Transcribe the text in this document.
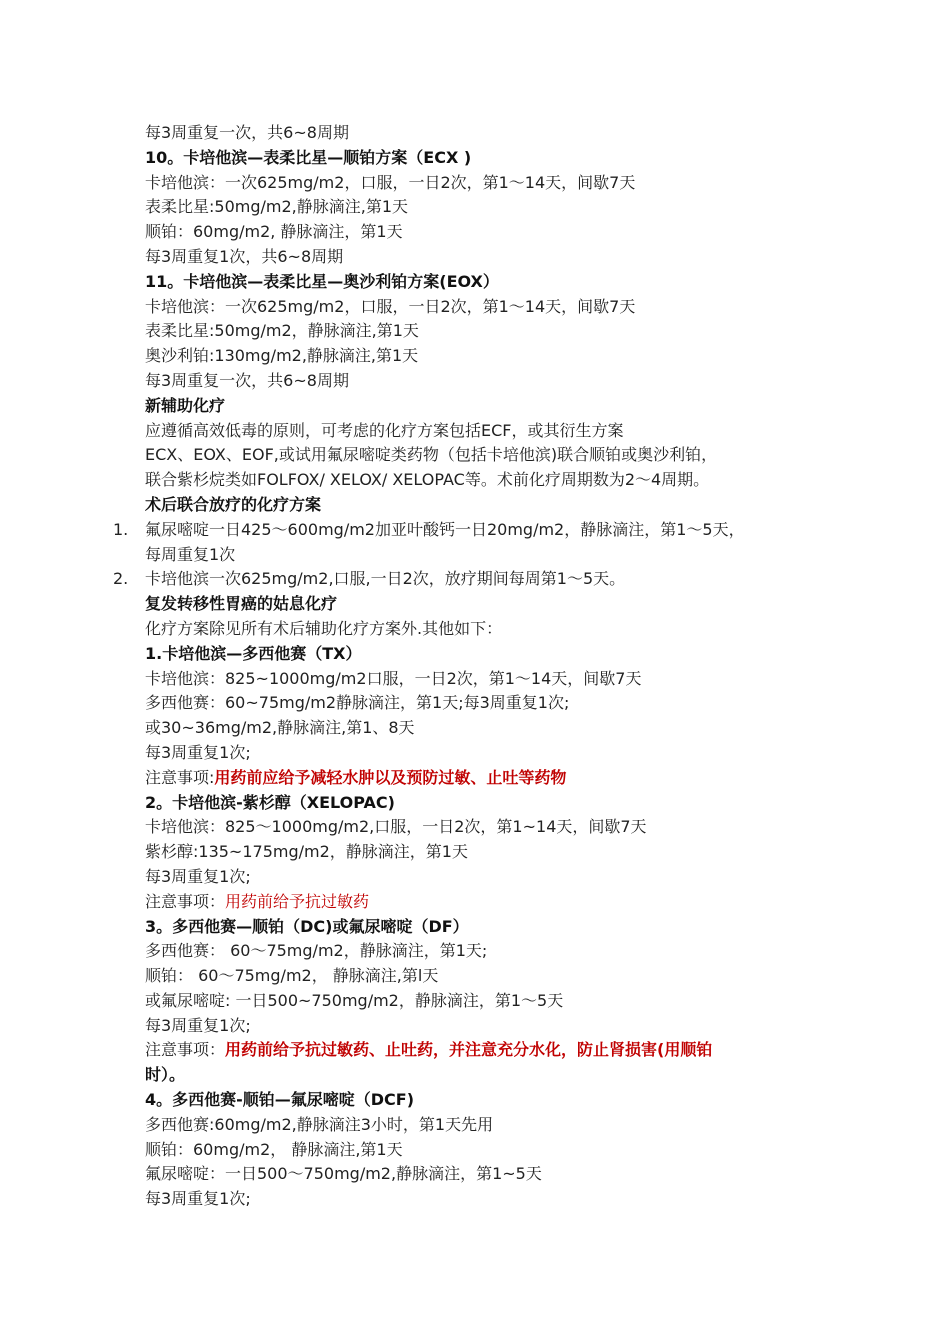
每3周重复一次，共6~8周期
10。卡培他滨—表柔比星—顺铂方案（ECX )
卡培他滨：一次625mg/m2，口服，一日2次，第1～14天，间歇7天
表柔比星:50mg/m2,静脉滴注,第1天
顺铂：60mg/m2, 静脉滴注，第1天
每3周重复1次，共6~8周期
11。卡培他滨—表柔比星—奥沙利铂方案(EOX）
卡培他滨：一次625mg/m2，口服，一日2次，第1～14天，间歇7天
表柔比星:50mg/m2，静脉滴注,第1天
奥沙利铂:130mg/m2,静脉滴注,第1天
每3周重复一次，共6~8周期
新辅助化疗
应遵循高效低毒的原则，可考虑的化疗方案包括ECF，或其衍生方案
ECX、EOX、EOF,或试用氟尿嘧啶类药物（包括卡培他滨)联合顺铂或奥沙利铂，
联合紫杉烷类如FOLFOX/ XELOX/ XELOPAC等。术前化疗周期数为2～4周期。
术后联合放疗的化疗方案
1. 氟尿嘧啶一日425～600mg/m2加亚叶酸钙一日20mg/m2，静脉滴注，第1～5天，
每周重复1次
2. 卡培他滨一次625mg/m2,口服,一日2次，放疗期间每周第1～5天。
复发转移性胃癌的姑息化疗
化疗方案除见所有术后辅助化疗方案外.其他如下：
1.卡培他滨—多西他赛（TX）
卡培他滨：825~1000mg/m2口服，一日2次，第1～14天，间歇7天
多西他赛：60~75mg/m2静脉滴注，第1天;每3周重复1次;
或30~36mg/m2,静脉滴注,第1、8天
每3周重复1次;
注意事项:用药前应给予减轻水肿以及预防过敏、止吐等药物
2。卡培他滨-紫杉醇（XELOPAC)
卡培他滨：825～1000mg/m2,口服，一日2次，第1~14天，间歇7天
紫杉醇:135~175mg/m2，静脉滴注，第1天
每3周重复1次;
注意事项：用药前给予抗过敏药
3。多西他赛—顺铂（DC)或氟尿嘧啶（DF）
多西他赛： 60～75mg/m2，静脉滴注，第1天;
顺铂： 60～75mg/m2， 静脉滴注,第l天
或氟尿嘧啶: 一日500~750mg/m2，静脉滴注，第1～5天
每3周重复1次;
注意事项：用药前给予抗过敏药、止吐药，并注意充分水化，防止肾损害(用顺铂
时）。
4。多西他赛-顺铂—氟尿嘧啶（DCF)
多西他赛:60mg/m2,静脉滴注3小时，第1天先用
顺铂：60mg/m2， 静脉滴注,第1天
氟尿嘧啶：一日500～750mg/m2,静脉滴注，第1~5天
每3周重复1次;
